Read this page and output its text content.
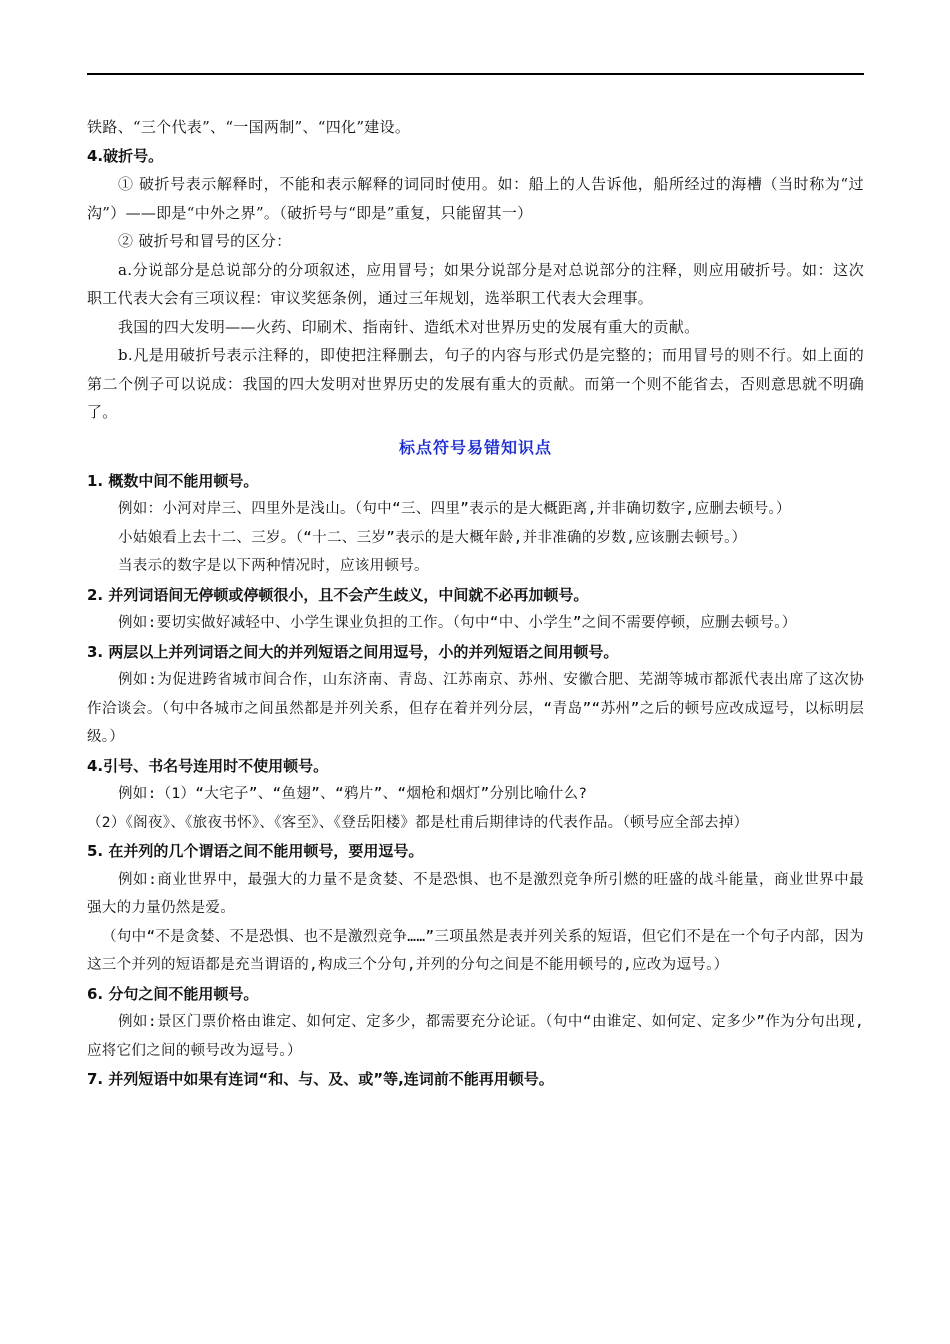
铁路、“三个代表”、“一国两制”、“四化”建设。

4.破折号。

① 破折号表示解释时，不能和表示解释的词同时使用。如：船上的人告诉他，船所经过的海槽（当时称为“过沟”）——即是“中外之界”。（破折号与“即是”重复，只能留其一）

② 破折号和冒号的区分：

a.分说部分是总说部分的分项叙述，应用冒号；如果分说部分是对总说部分的注释，则应用破折号。如：这次职工代表大会有三项议程：审议奖惩条例，通过三年规划，选举职工代表大会理事。

我国的四大发明——火药、印刷术、指南针、造纸术对世界历史的发展有重大的贡献。

b.凡是用破折号表示注释的，即使把注释删去，句子的内容与形式仍是完整的；而用冒号的则不行。如上面的第二个例子可以说成：我国的四大发明对世界历史的发展有重大的贡献。而第一个则不能省去，否则意思就不明确了。

标点符号易错知识点

1. 概数中间不能用顿号。

例如：小河对岸三、四里外是浅山。（句中“三、四里”表示的是大概距离,并非确切数字,应删去顿号。）

小姑娘看上去十二、三岁。（“十二、三岁”表示的是大概年龄,并非准确的岁数,应该删去顿号。）

当表示的数字是以下两种情况时，应该用顿号。

2. 并列词语间无停顿或停顿很小，且不会产生歧义，中间就不必再加顿号。

例如:要切实做好减轻中、小学生课业负担的工作。（句中“中、小学生”之间不需要停顿，应删去顿号。）

3. 两层以上并列词语之间大的并列短语之间用逗号，小的并列短语之间用顿号。

例如:为促进跨省城市间合作，山东济南、青岛、江苏南京、苏州、安徽合肥、芜湖等城市都派代表出席了这次协作洽谈会。（句中各城市之间虽然都是并列关系，但存在着并列分层，“青岛”“苏州”之后的顿号应改成逗号，以标明层级。）

4.引号、书名号连用时不使用顿号。

例如:（1）“大宅子”、“鱼翅”、“鸦片”、“烟枪和烟灯”分别比喻什么?

（2）《阁夜》、《旅夜书怀》、《客至》、《登岳阳楼》都是杜甫后期律诗的代表作品。（顿号应全部去掉）

5. 在并列的几个谓语之间不能用顿号，要用逗号。

例如:商业世界中，最强大的力量不是贪婪、不是恐惧、也不是激烈竞争所引燃的旺盛的战斗能量，商业世界中最强大的力量仍然是爱。

（句中“不是贪婪、不是恐惧、也不是激烈竞争……”三项虽然是表并列关系的短语，但它们不是在一个句子内部，因为这三个并列的短语都是充当谓语的,构成三个分句,并列的分句之间是不能用顿号的,应改为逗号。）

6. 分句之间不能用顿号。

例如:景区门票价格由谁定、如何定、定多少，都需要充分论证。（句中“由谁定、如何定、定多少”作为分句出现,应将它们之间的顿号改为逗号。）

7. 并列短语中如果有连词“和、与、及、或”等,连词前不能再用顿号。
